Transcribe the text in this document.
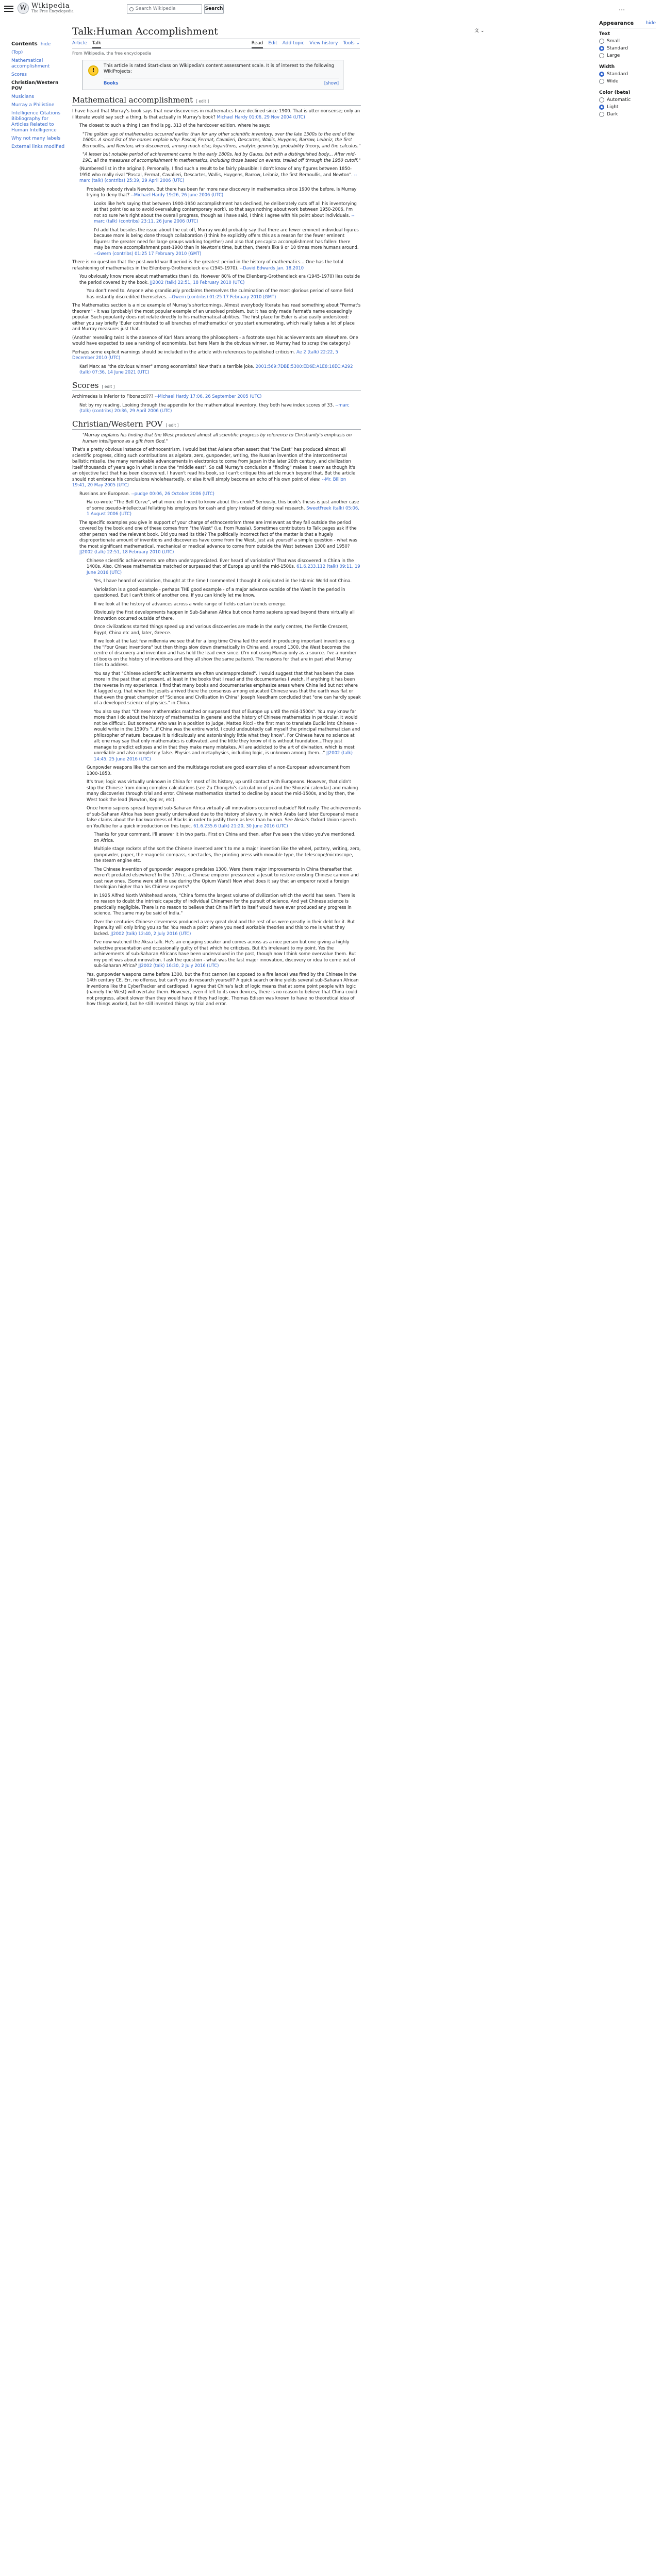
W Wikipedia
The Free Encyclopedia	Search Wikipedia	Search	⋯
Contents hide
(Top)
Mathematical accomplishment
Scores
Christian/Western POV
Musicians
Murray a Philistine
Intelligence Citations Bibliography for Articles Related to Human Intelligence
Why not many labels
External links modified
Talk:Human Accomplishment	文 ⌄
Article Talk	Read Edit Add topic View history Tools ⌄
From Wikipedia, the free encyclopedia
!

This article is rated Start-class on Wikipedia's content assessment scale. It is of interest to the following WikiProjects:

Books	[show]
Mathematical accomplishment [ edit ]
I have heard that Murray's book says that new discoveries in mathematics have declined since 1900. That is utter nonsense; only an illiterate would say such a thing. Is that actually in Murray's book? Michael Hardy 01:06, 29 Nov 2004 (UTC)
The closest to such a thing I can find is pg. 313 of the hardcover edition, where he says:
"The golden age of mathematics occurred earlier than for any other scientific inventory, over the late 1500s to the end of the 1600s. A short list of the names explain why: Pascal, Fermat, Cavalieri, Descartes, Wallis, Huygens, Barrow, Leibniz, the first Bernoullis, and Newton, who discovered, among much else, logarithms, analytic geometry, probability theory, and the calculus."
"A lesser but notable period of achievement came in the early 1800s, led by Gauss, but with a distinguished body... After mid-19C, all the measures of accomplishment in mathematics, including those based on events, trailed off through the 1950 cutoff."
(Numbered list in the original). Personally, I find such a result to be fairly plausible: I don't know of any figures between 1850-1950 who really rival "Pascal, Fermat, Cavalieri, Descartes, Wallis, Huygens, Barrow, Leibniz, the first Bernoullis, and Newton". --marc (talk) (contribs) 25:39, 29 April 2006 (UTC)
Probably nobody rivals Newton. But there has been far more new discovery in mathematics since 1900 the before. Is Murray trying to deny that? --Michael Hardy 19:26, 26 June 2006 (UTC)
Looks like he's saying that between 1900-1950 accomplishment has declined, he deliberately cuts off all his inventorying at that point (so as to avoid overvaluing contemporary work), so that says nothing about work between 1950-2006. I'm not so sure he's right about the overall progress, though as I have said, I think I agree with his point about individuals. --marc (talk) (contribs) 23:11, 26 June 2006 (UTC)
I'd add that besides the issue about the cut off, Murray would probably say that there are fewer eminent individual figures because more is being done through collaboration (I think he explicitly offers this as a reason for the fewer eminent figures: the greater need for large groups working together) and also that per-capita accomplishment has fallen: there may be more accomplishment post-1900 than in Newton's time, but then, there's like 9 or 10 times more humans around. --Gwern (contribs) 01:25 17 February 2010 (GMT)
There is no question that the post-world war II period is the greatest period in the history of mathematics... One has the total refashioning of mathematics in the Eilenberg-Grothendieck era (1945-1970). --David Edwards Jan. 18,2010
You obviously know more about mathematics than I do. However 80% of the Eilenberg-Grothendieck era (1945-1970) lies outside the period covered by the book. JJ2002 (talk) 22:51, 18 February 2010 (UTC)
You don't need to. Anyone who grandiously proclaims themselves the culmination of the most glorious period of some field has instantly discredited themselves. --Gwern (contribs) 01:25 17 February 2010 (GMT)
The Mathematics section is a nice example of Murray's shortcomings. Almost everybody literate has read something about "Fermat's theorem" - it was (probably) the most popular example of an unsolved problem, but it has only made Fermat's name exceedingly popular. Such popularity does not relate directly to his mathematical abilities. The first place for Euler is also easily understood: either you say briefly 'Euler contributed to all branches of mathematics' or you start enumerating, which really takes a lot of place and Murray measures just that.
(Another revealing twist is the absence of Karl Marx among the philosophers - a footnote says his achievements are elsewhere. One would have expected to see a ranking of economists, but here Marx is the obvious winner, so Murray had to scrap the category.)
Perhaps some explicit warnings should be included in the article with references to published criticism. Ae 2 (talk) 22:22, 5 December 2010 (UTC)
Karl Marx as "the obvious winner" among economists? Now that's a terrible joke. 2001:569:7DBE:5300:ED6E:A1E8:16EC:A292 (talk) 07:36, 14 June 2021 (UTC)
Scores [ edit ]
Archimedes is inferior to Fibonacci??? --Michael Hardy 17:06, 26 September 2005 (UTC)
Not by my reading. Looking through the appendix for the mathematical inventory, they both have index scores of 33. --marc (talk) (contribs) 20:36, 29 April 2006 (UTC)
Christian/Western POV [ edit ]
"Murray explains his finding that the West produced almost all scientific progress by reference to Christianity's emphasis on human intelligence as a gift from God."
That's a pretty obvious instance of ethnocentrism. I would bet that Asians often assert that "the East" has produced almost all scientific progress, citing such contributions as algebra, zero, gunpowder, writing, the Russian invention of the intercontinental ballistic missile, the many remarkable advancements in electronics to come from Japan in the later 20th century, and civilization itself thousands of years ago in what is now the "middle east". So call Murray's conclusion a "finding" makes it seem as though it's an objective fact that has been discovered. I haven't read his book, so I can't critique this article much beyond that. But the article should not embrace his conclusions wholeheartedly, or else it will simply become an echo of his own point of view. --Mr. Billion 19:41, 20 May 2005 (UTC)
Russians are European. --pudge 00:06, 26 October 2006 (UTC)
Ha co-wrote "The Bell Curve", what more do I need to know about this crook? Seriously, this book's thesis is just another case of some pseudo-intellectual fellating his employers for cash and glory instead of doing real research. SweetFreek (talk) 05:06, 1 August 2006 (UTC)
The specific examples you give in support of your charge of ethnocentrism three are irrelevant as they fall outside the period covered by the book and one of these comes from "the West" (i.e. from Russia). Sometimes contributors to Talk pages ask if the other person read the relevant book. Did you read its title? The politically incorrect fact of the matter is that a hugely disproportionate amount of inventions and discoveries have come from the West. Just ask yourself a simple question - what was the most significant mathematical, mechanical or medical advance to come from outside the West between 1300 and 1950? JJ2002 (talk) 22:51, 18 February 2010 (UTC)
Chinese scientific achievements are often underappreciated. Ever heard of variolation? That was discovered in China in the 1400s. Also, Chinese mathematics matched or surpassed that of Europe up until the mid-1500s. 61.6.233.112 (talk) 09:11, 19 June 2016 (UTC)
Yes, I have heard of variolation, thought at the time I commented I thought it originated in the Islamic World not China.
Variolation is a good example - perhaps THE good example - of a major advance outside of the West in the period in questioned. But I can't think of another one. If you can kindly let me know.
If we look at the history of advances across a wide range of fields certain trends emerge.
Obviously the first developments happen in Sub-Saharan Africa but once homo sapiens spread beyond there virtually all innovation occurred outside of there.
Once civilizations started things speed up and various discoveries are made in the early centres, the Fertile Crescent, Egypt, China etc and, later, Greece.
If we look at the last few millennia we see that for a long time China led the world in producing important inventions e.g. the "Four Great Inventions" but then things slow down dramatically in China and, around 1300, the West becomes the centre of discovery and invention and has held the lead ever since. (I'm not using Murray only as a source. I've a number of books on the history of inventions and they all show the same pattern). The reasons for that are in part what Murray tries to address.
You say that "Chinese scientific achievements are often underappreciated". I would suggest that that has been the case more in the past than at present, at least in the books that I read and the documentaries I watch. If anything it has been the reverse in my experience. I find that many books and documentaries emphasize areas where China led but not where it lagged e.g. that when the Jesuits arrived there the consensus among educated Chinese was that the earth was flat or that even the great champion of "Science and Civilisation in China" Joseph Needham concluded that "one can hardly speak of a developed science of physics." in China.
You also say that "Chinese mathematics matched or surpassed that of Europe up until the mid-1500s". You may know far more than I do about the history of mathematics in general and the history of Chinese mathematics in particular. It would not be difficult. But someone who was in a position to judge, Matteo Ricci - the first man to translate Euclid into Chinese - would write in the 1590's "...if China was the entire world, I could undoubtedly call myself the principal mathematician and philosopher of nature, because it is ridiculously and astonishingly little what they know". For Chinese have no science at all; one may say that only mathematics is cultivated, and the little they know of it is without foundation...They just manage to predict eclipses and in that they make many mistakes. All are addicted to the art of divination, which is most unreliable and also completely false. Physics and metaphysics, including logic, is unknown among them..." JJ2002 (talk) 14:45, 25 June 2016 (UTC)
Gunpowder weapons like the cannon and the multistage rocket are good examples of a non-European advancement from 1300-1850.
It's true; logic was virtually unknown in China for most of its history, up until contact with Europeans. However, that didn't stop the Chinese from doing complex calculations (see Zu Chongzhi's calculation of pi and the Shoushi calendar) and making many discoveries through trial and error. Chinese mathematics started to decline by about the mid-1500s, and by then, the West took the lead (Newton, Kepler, etc).
Once homo sapiens spread beyond sub-Saharan Africa virtually all innovations occurred outside? Not really. The achievements of sub-Saharan Africa has been greatly undervalued due to the history of slavery, in which Arabs (and later Europeans) made false claims about the backwardness of Blacks in order to justify them as less than human. See Aksia's Oxford Union speech on YouTube for a quick introduction on this topic. 61.6.235.6 (talk) 21:20, 30 June 2016 (UTC)
Thanks for your comment. I'll answer it in two parts. First on China and then, after I've seen the video you've mentioned, on Africa.
Multiple stage rockets of the sort the Chinese invented aren't to me a major invention like the wheel, pottery, writing, zero, gunpowder, paper, the magnetic compass, spectacles, the printing press with movable type, the telescope/microscope, the steam engine etc.
The Chinese invention of gunpowder weapons predates 1300. Were there major improvements in China thereafter that weren't predated elsewhere? In the 17th c. a Chinese emperor pressurized a Jesuit to restore existing Chinese cannon and cast new ones. (Some were still in use during the Opium Wars!) Now what does it say that an emperor rated a foreign theologian higher than his Chinese experts?
In 1925 Alfred North Whitehead wrote, "China forms the largest volume of civilization which the world has seen. There is no reason to doubt the intrinsic capacity of individual Chinamen for the pursuit of science. And yet Chinese science is practically negligible. There is no reason to believe that China if left to itself would have ever produced any progress in science. The same may be said of India."
Over the centuries Chinese cleverness produced a very great deal and the rest of us were greatly in their debt for it. But ingenuity will only bring you so far. You reach a point where you need workable theories and this to me is what they lacked. JJ2002 (talk) 12:40, 2 July 2016 (UTC)
I've now watched the Aksia talk. He's an engaging speaker and comes across as a nice person but one giving a highly selective presentation and occasionally guilty of that which he criticises. But it's irrelevant to my point. Yes the achievements of sub-Saharan Africans have been undervalued in the past, though now I think some overvalue them. But my point was about innovation. I ask the question - what was the last major innovation, discovery or idea to come out of sub-Saharan Africa? JJ2002 (talk) 16:30, 2 July 2016 (UTC)
Yes, gunpowder weapons came before 1300, but the first cannon (as opposed to a fire lance) was fired by the Chinese in the 14th century CE. Err, no offense, but can't you do research yourself? A quick search online yields several sub-Saharan African inventions like the CyberTracker and cardiopad. I agree that China's lack of logic means that at some point people with logic (namely the West) will overtake them. However, even if left to its own devices, there is no reason to believe that China could not progress, albeit slower than they would have if they had logic. Thomas Edison was known to have no theoretical idea of how things worked, but he still invented things by trial and error.
Appearance	hide
Text
Small
Standard
Large
Width
Standard
Wide
Color (beta)
Automatic
Light
Dark
